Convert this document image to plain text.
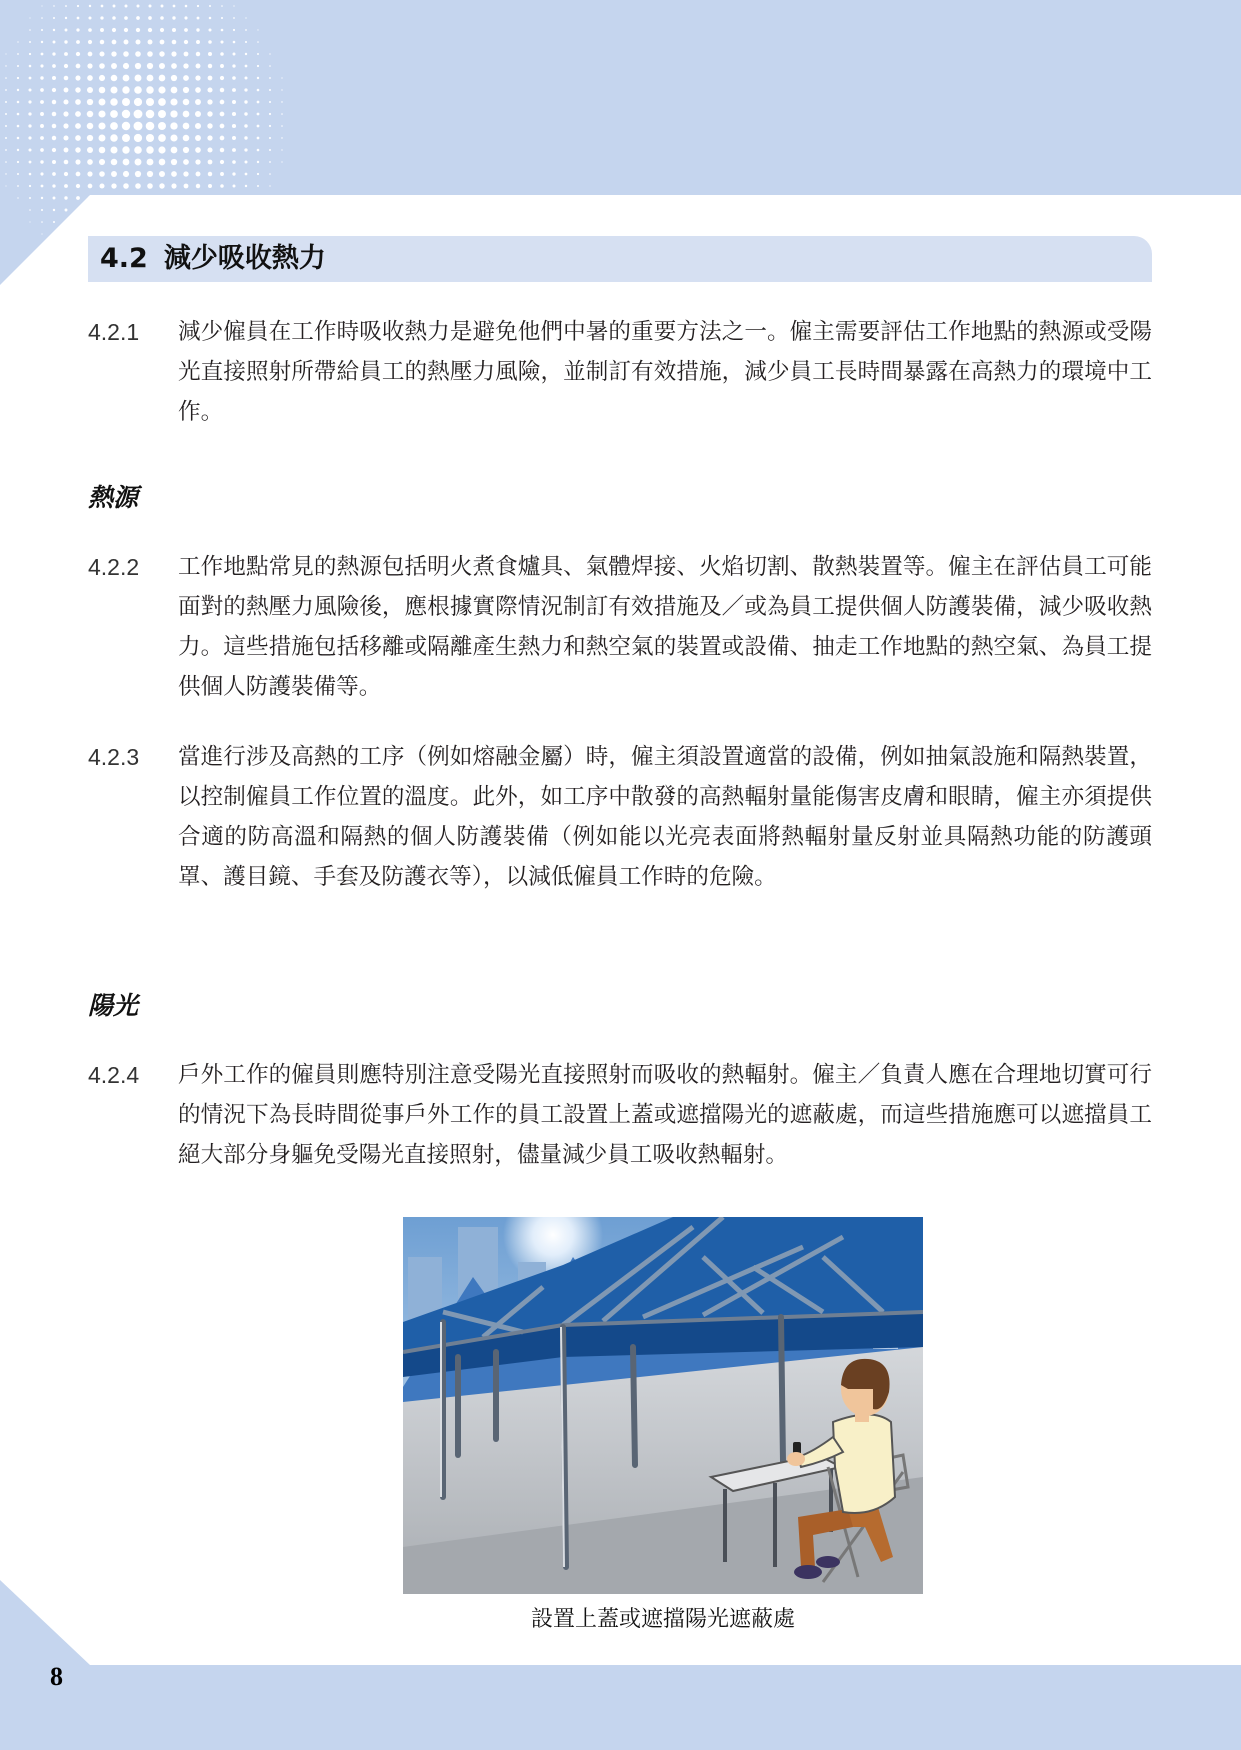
4.2 減少吸收熱力
4.2.1 減少僱員在工作時吸收熱力是避免他們中暑的重要方法之一。僱主需要評估工作地點的熱源或受陽光直接照射所帶給員工的熱壓力風險，並制訂有效措施，減少員工長時間暴露在高熱力的環境中工作。

熱源
4.2.2 工作地點常見的熱源包括明火煮食爐具、氣體焊接、火焰切割、散熱裝置等。僱主在評估員工可能面對的熱壓力風險後，應根據實際情況制訂有效措施及／或為員工提供個人防護裝備，減少吸收熱力。這些措施包括移離或隔離產生熱力和熱空氣的裝置或設備、抽走工作地點的熱空氣、為員工提供個人防護裝備等。

4.2.3 當進行涉及高熱的工序（例如熔融金屬）時，僱主須設置適當的設備，例如抽氣設施和隔熱裝置，以控制僱員工作位置的溫度。此外，如工序中散發的高熱輻射量能傷害皮膚和眼睛，僱主亦須提供合適的防高溫和隔熱的個人防護裝備（例如能以光亮表面將熱輻射量反射並具隔熱功能的防護頭罩、護目鏡、手套及防護衣等），以減低僱員工作時的危險。

陽光
4.2.4 戶外工作的僱員則應特別注意受陽光直接照射而吸收的熱輻射。僱主／負責人應在合理地切實可行的情況下為長時間從事戶外工作的員工設置上蓋或遮擋陽光的遮蔽處，而這些措施應可以遮擋員工絕大部分身軀免受陽光直接照射，儘量減少員工吸收熱輻射。

設置上蓋或遮擋陽光遮蔽處

8
